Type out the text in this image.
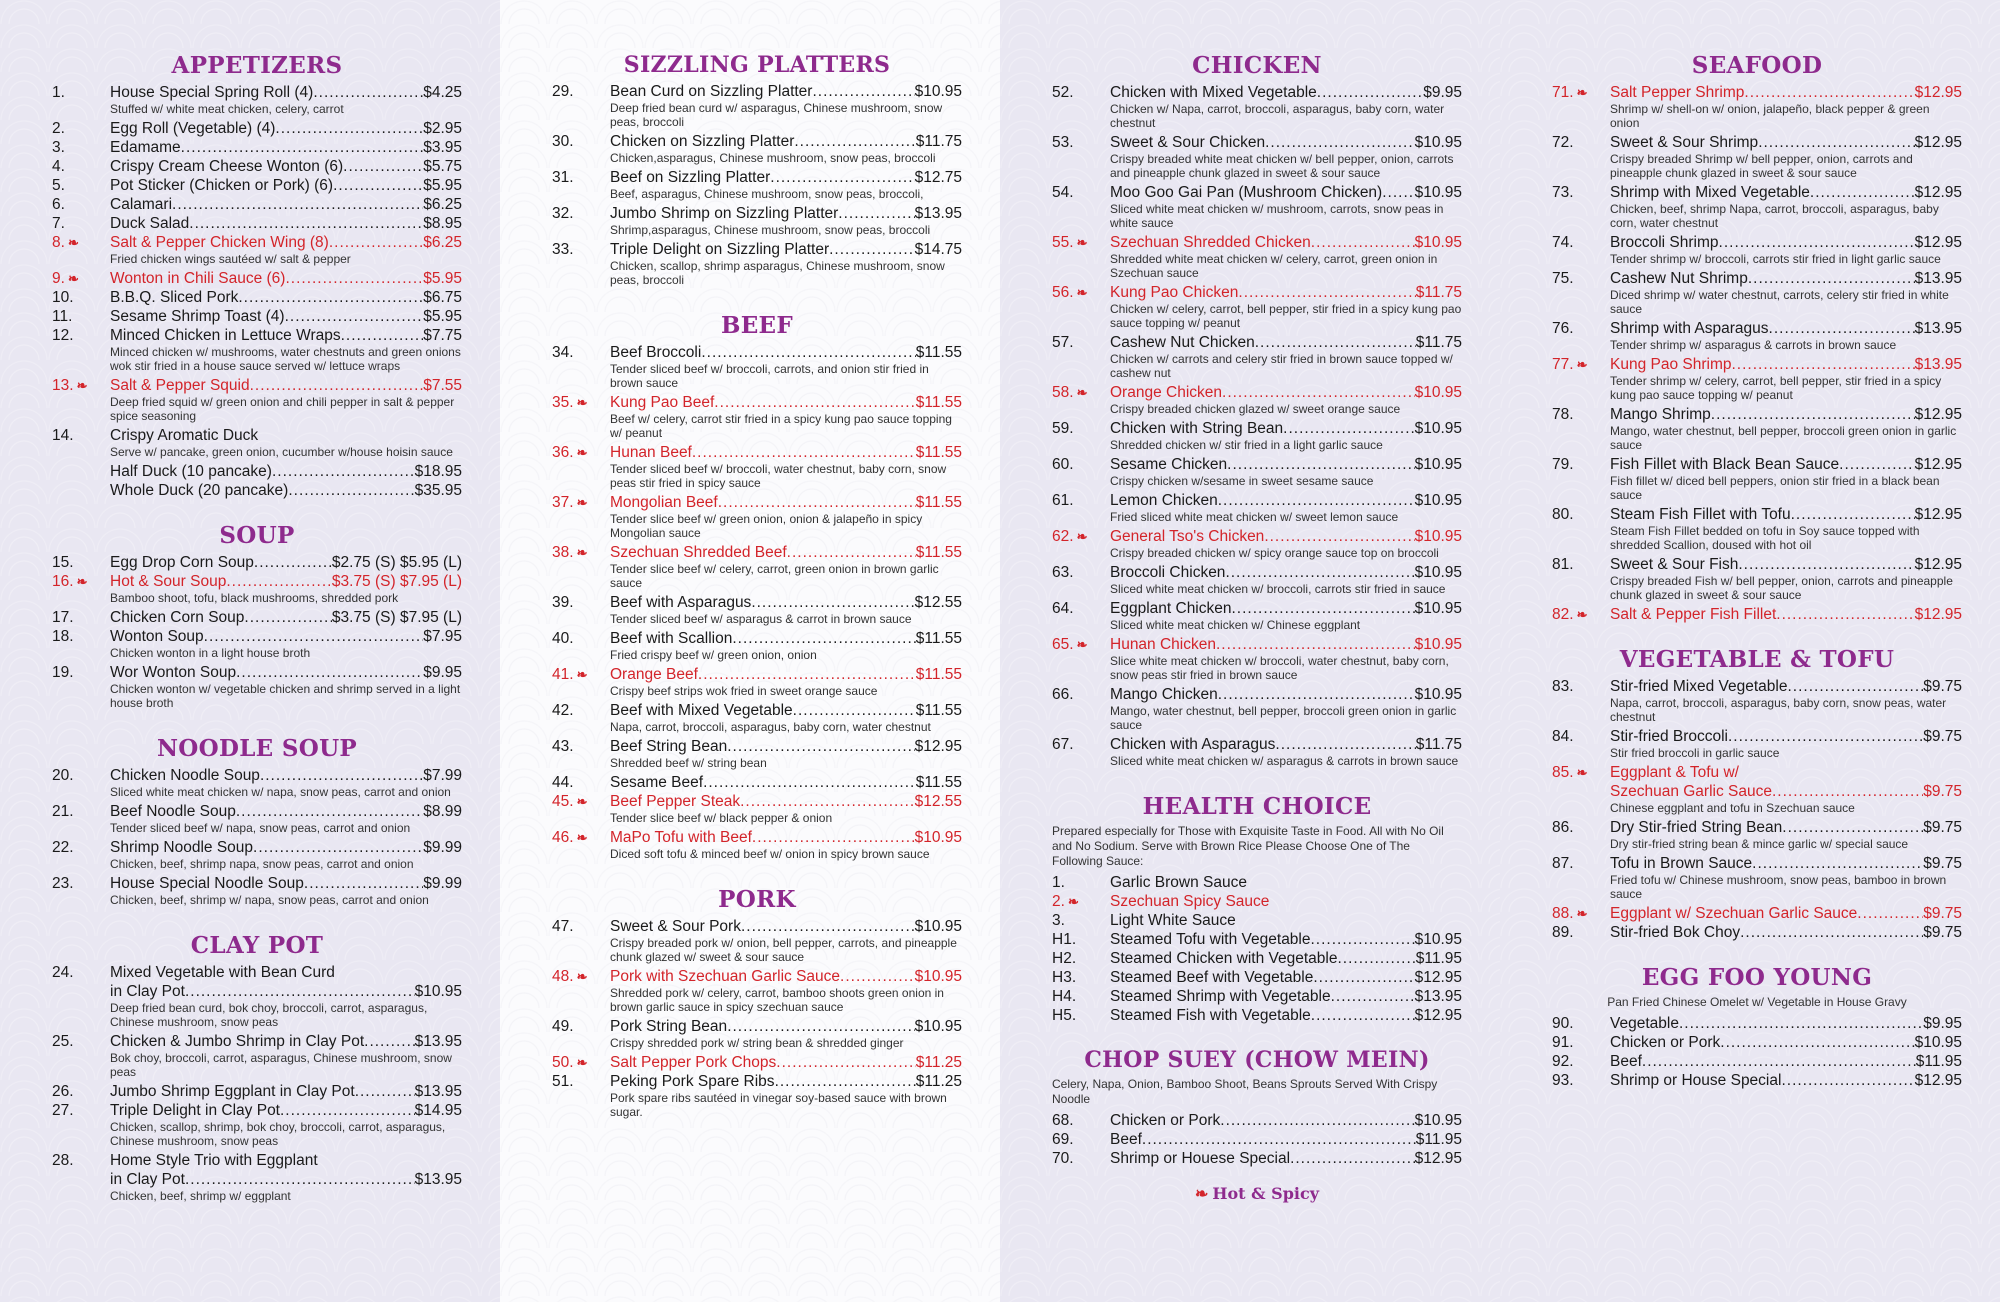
APPETIZERS
1.	House Special Spring Roll (4) .....	$4.25
Stuffed w/ white meat chicken, celery, carrot
2.	Egg Roll (Vegetable) (4) .....	$2.95
3.	Edamame .....	$3.95
4.	Crispy Cream Cheese Wonton (6) .....	$5.75
5.	Pot Sticker (Chicken or Pork) (6) .....	$5.95
6.	Calamari .....	$6.25
7.	Duck Salad .....	$8.95
8. ❧ Salt & Pepper Chicken Wing (8) .....	$6.25
Fried chicken wings sautéed w/ salt & pepper
9. ❧ Wonton in Chili Sauce (6) .....	$5.95
10. B.B.Q. Sliced Pork .....	$6.75
11. Sesame Shrimp Toast (4) .....	$5.95
12. Minced Chicken in Lettuce Wraps .....	$7.75
Minced chicken w/ mushrooms, water chestnuts and green onions wok stir fried in a house sauce served w/ lettuce wraps
13. ❧ Salt & Pepper Squid .....	$7.55
Deep fried squid w/ green onion and chili pepper in salt & pepper spice seasoning
14. Crispy Aromatic Duck
Serve w/ pancake, green onion, cucumber w/house hoisin sauce
Half Duck (10 pancake) .....	$18.95
Whole Duck (20 pancake) .....	$35.95
SOUP
15. Egg Drop Corn Soup .....	$2.75 (S) $5.95 (L)
16. ❧ Hot & Sour Soup .....	$3.75 (S) $7.95 (L)
Bamboo shoot, tofu, black mushrooms, shredded pork
17. Chicken Corn Soup .....	$3.75 (S) $7.95 (L)
18. Wonton Soup .....	$7.95
Chicken wonton in a light house broth
19. Wor Wonton Soup .....	$9.95
Chicken wonton w/ vegetable chicken and shrimp served in a light house broth
NOODLE SOUP
20. Chicken Noodle Soup .....	$7.99
Sliced white meat chicken w/ napa, snow peas, carrot and onion
21. Beef Noodle Soup .....	$8.99
Tender sliced beef w/ napa, snow peas, carrot and onion
22. Shrimp Noodle Soup .....	$9.99
Chicken, beef, shrimp napa, snow peas, carrot and onion
23. House Special Noodle Soup .....	$9.99
Chicken, beef, shrimp w/ napa, snow peas, carrot and onion
CLAY POT
24. Mixed Vegetable with Bean Curd
in Clay Pot .....	$10.95
Deep fried bean curd, bok choy, broccoli, carrot, asparagus, Chinese mushroom, snow peas
25. Chicken & Jumbo Shrimp in Clay Pot .....	$13.95
Bok choy, broccoli, carrot, asparagus, Chinese mushroom, snow peas
26. Jumbo Shrimp Eggplant in Clay Pot .....	$13.95
27. Triple Delight in Clay Pot .....	$14.95
Chicken, scallop, shrimp, bok choy, broccoli, carrot, asparagus, Chinese mushroom, snow peas
28. Home Style Trio with Eggplant
in Clay Pot .....	$13.95
Chicken, beef, shrimp w/ eggplant
SIZZLING PLATTERS
29. Bean Curd on Sizzling Platter .....	$10.95
Deep fried bean curd w/ asparagus, Chinese mushroom, snow peas, broccoli
30. Chicken on Sizzling Platter .....	$11.75
Chicken,asparagus, Chinese mushroom, snow peas, broccoli
31. Beef on Sizzling Platter .....	$12.75
Beef, asparagus, Chinese mushroom, snow peas, broccoli,
32. Jumbo Shrimp on Sizzling Platter .....	$13.95
Shrimp,asparagus, Chinese mushroom, snow peas, broccoli
33. Triple Delight on Sizzling Platter .....	$14.75
Chicken, scallop, shrimp asparagus, Chinese mushroom, snow peas, broccoli
BEEF
34. Beef Broccoli .....	$11.55
Tender sliced beef w/ broccoli, carrots, and onion stir fried in brown sauce
35. ❧ Kung Pao Beef .....	$11.55
Beef w/ celery, carrot stir fried in a spicy kung pao sauce topping w/ peanut
36. ❧ Hunan Beef .....	$11.55
Tender sliced beef w/ broccoli, water chestnut, baby corn, snow peas stir fried in spicy sauce
37. ❧ Mongolian Beef .....	$11.55
Tender slice beef w/ green onion, onion & jalapeño in spicy Mongolian sauce
38. ❧ Szechuan Shredded Beef .....	$11.55
Tender slice beef w/ celery, carrot, green onion in brown garlic sauce
39. Beef with Asparagus .....	$12.55
Tender sliced beef w/ asparagus & carrot in brown sauce
40. Beef with Scallion .....	$11.55
Fried crispy beef w/ green onion, onion
41. ❧ Orange Beef .....	$11.55
Crispy beef strips wok fried in sweet orange sauce
42. Beef with Mixed Vegetable .....	$11.55
Napa, carrot, broccoli, asparagus, baby corn, water chestnut
43. Beef String Bean .....	$12.95
Shredded beef w/ string bean
44. Sesame Beef .....	$11.55
45. ❧ Beef Pepper Steak .....	$12.55
Tender slice beef w/ black pepper & onion
46. ❧ MaPo Tofu with Beef .....	$10.95
Diced soft tofu & minced beef w/ onion in spicy brown sauce
PORK
47. Sweet & Sour Pork .....	$10.95
Crispy breaded pork w/ onion, bell pepper, carrots, and pineapple chunk glazed w/ sweet & sour sauce
48. ❧ Pork with Szechuan Garlic Sauce .....	$10.95
Shredded pork w/ celery, carrot, bamboo shoots green onion in brown garlic sauce in spicy szechuan sauce
49. Pork String Bean .....	$10.95
Crispy shredded pork w/ string bean & shredded ginger
50. ❧ Salt Pepper Pork Chops .....	$11.25
51. Peking Pork Spare Ribs .....	$11.25
Pork spare ribs sautéed in vinegar soy-based sauce with brown sugar.
CHICKEN
52. Chicken with Mixed Vegetable .....	$9.95
Chicken w/ Napa, carrot, broccoli, asparagus, baby corn, water chestnut
53. Sweet & Sour Chicken .....	$10.95
Crispy breaded white meat chicken w/ bell pepper, onion, carrots and pineapple chunk glazed in sweet & sour sauce
54. Moo Goo Gai Pan (Mushroom Chicken) ..... $10.95
Sliced white meat chicken w/ mushroom, carrots, snow peas in white sauce
55. ❧ Szechuan Shredded Chicken .....	$10.95
Shredded white meat chicken w/ celery, carrot, green onion in Szechuan sauce
56. ❧ Kung Pao Chicken .....	$11.75
Chicken w/ celery, carrot, bell pepper, stir fried in a spicy kung pao sauce topping w/ peanut
57. Cashew Nut Chicken .....	$11.75
Chicken w/ carrots and celery stir fried in brown sauce topped w/ cashew nut
58. ❧ Orange Chicken .....	$10.95
Crispy breaded chicken glazed w/ sweet orange sauce
59. Chicken with String Bean .....	$10.95
Shredded chicken w/ stir fried in a light garlic sauce
60. Sesame Chicken .....	$10.95
Crispy chicken w/sesame in sweet sesame sauce
61. Lemon Chicken .....	$10.95
Fried sliced white meat chicken w/ sweet lemon sauce
62. ❧ General Tso's Chicken .....	$10.95
Crispy breaded chicken w/ spicy orange sauce top on broccoli
63. Broccoli Chicken .....	$10.95
Sliced white meat chicken w/ broccoli, carrots stir fried in sauce
64. Eggplant Chicken .....	$10.95
Sliced white meat chicken w/ Chinese eggplant
65. ❧ Hunan Chicken .....	$10.95
Slice white meat chicken w/ broccoli, water chestnut, baby corn, snow peas stir fried in brown sauce
66. Mango Chicken .....	$10.95
Mango, water chestnut, bell pepper, broccoli green onion in garlic sauce
67. Chicken with Asparagus .....	$11.75
Sliced white meat chicken w/ asparagus & carrots in brown sauce
HEALTH CHOICE
Prepared especially for Those with Exquisite Taste in Food. All with No Oil and No Sodium. Serve with Brown Rice Please Choose One of The Following Sauce:
1.	Garlic Brown Sauce
2. ❧ Szechuan Spicy Sauce
3.	Light White Sauce
H1. Steamed Tofu with Vegetable .....	$10.95
H2. Steamed Chicken with Vegetable .....	$11.95
H3. Steamed Beef with Vegetable .....	$12.95
H4. Steamed Shrimp with Vegetable .....	$13.95
H5. Steamed Fish with Vegetable .....	$12.95
CHOP SUEY (CHOW MEIN)
Celery, Napa, Onion, Bamboo Shoot, Beans Sprouts Served With Crispy Noodle
68. Chicken or Pork .....	$10.95
69. Beef .....	$11.95
70. Shrimp or Houese Special .....	$12.95
❧ Hot & Spicy
SEAFOOD
71. ❧ Salt Pepper Shrimp .....	$12.95
Shrimp w/ shell-on w/ onion, jalapeño, black pepper & green onion
72. Sweet & Sour Shrimp .....	$12.95
Crispy breaded Shrimp w/ bell pepper, onion, carrots and pineapple chunk glazed in sweet & sour sauce
73. Shrimp with Mixed Vegetable .....	$12.95
Chicken, beef, shrimp Napa, carrot, broccoli, asparagus, baby corn, water chestnut
74. Broccoli Shrimp .....	$12.95
Tender shrimp w/ broccoli, carrots stir fried in light garlic sauce
75. Cashew Nut Shrimp .....	$13.95
Diced shrimp w/ water chestnut, carrots, celery stir fried in white sauce
76. Shrimp with Asparagus .....	$13.95
Tender shrimp w/ asparagus & carrots in brown sauce
77. ❧ Kung Pao Shrimp .....	$13.95
Tender shrimp w/ celery, carrot, bell pepper, stir fried in a spicy kung pao sauce topping w/ peanut
78. Mango Shrimp .....	$12.95
Mango, water chestnut, bell pepper, broccoli green onion in garlic sauce
79. Fish Fillet with Black Bean Sauce .....	$12.95
Fish fillet w/ diced bell peppers, onion stir fried in a black bean sauce
80. Steam Fish Fillet with Tofu .....	$12.95
Steam Fish Fillet bedded on tofu in Soy sauce topped with shredded Scallion, doused with hot oil
81. Sweet & Sour Fish .....	$12.95
Crispy breaded Fish w/ bell pepper, onion, carrots and pineapple chunk glazed in sweet & sour sauce
82. ❧ Salt & Pepper Fish Fillet .....	$12.95
VEGETABLE & TOFU
83. Stir-fried Mixed Vegetable .....	$9.75
Napa, carrot, broccoli, asparagus, baby corn, snow peas, water chestnut
84. Stir-fried Broccoli .....	$9.75
Stir fried broccoli in garlic sauce
85. ❧ Eggplant & Tofu w/
Szechuan Garlic Sauce .....	$9.75
Chinese eggplant and tofu in Szechuan sauce
86. Dry Stir-fried String Bean .....	$9.75
Dry stir-fried string bean & mince garlic w/ special sauce
87. Tofu in Brown Sauce .....	$9.75
Fried tofu w/ Chinese mushroom, snow peas, bamboo in brown sauce
88. ❧ Eggplant w/ Szechuan Garlic Sauce .....	$9.75
89. Stir-fried Bok Choy .....	$9.75
EGG FOO YOUNG
Pan Fried Chinese Omelet w/ Vegetable in House Gravy
90. Vegetable .....	$9.95
91. Chicken or Pork .....	$10.95
92. Beef .....	$11.95
93. Shrimp or House Special .....	$12.95
